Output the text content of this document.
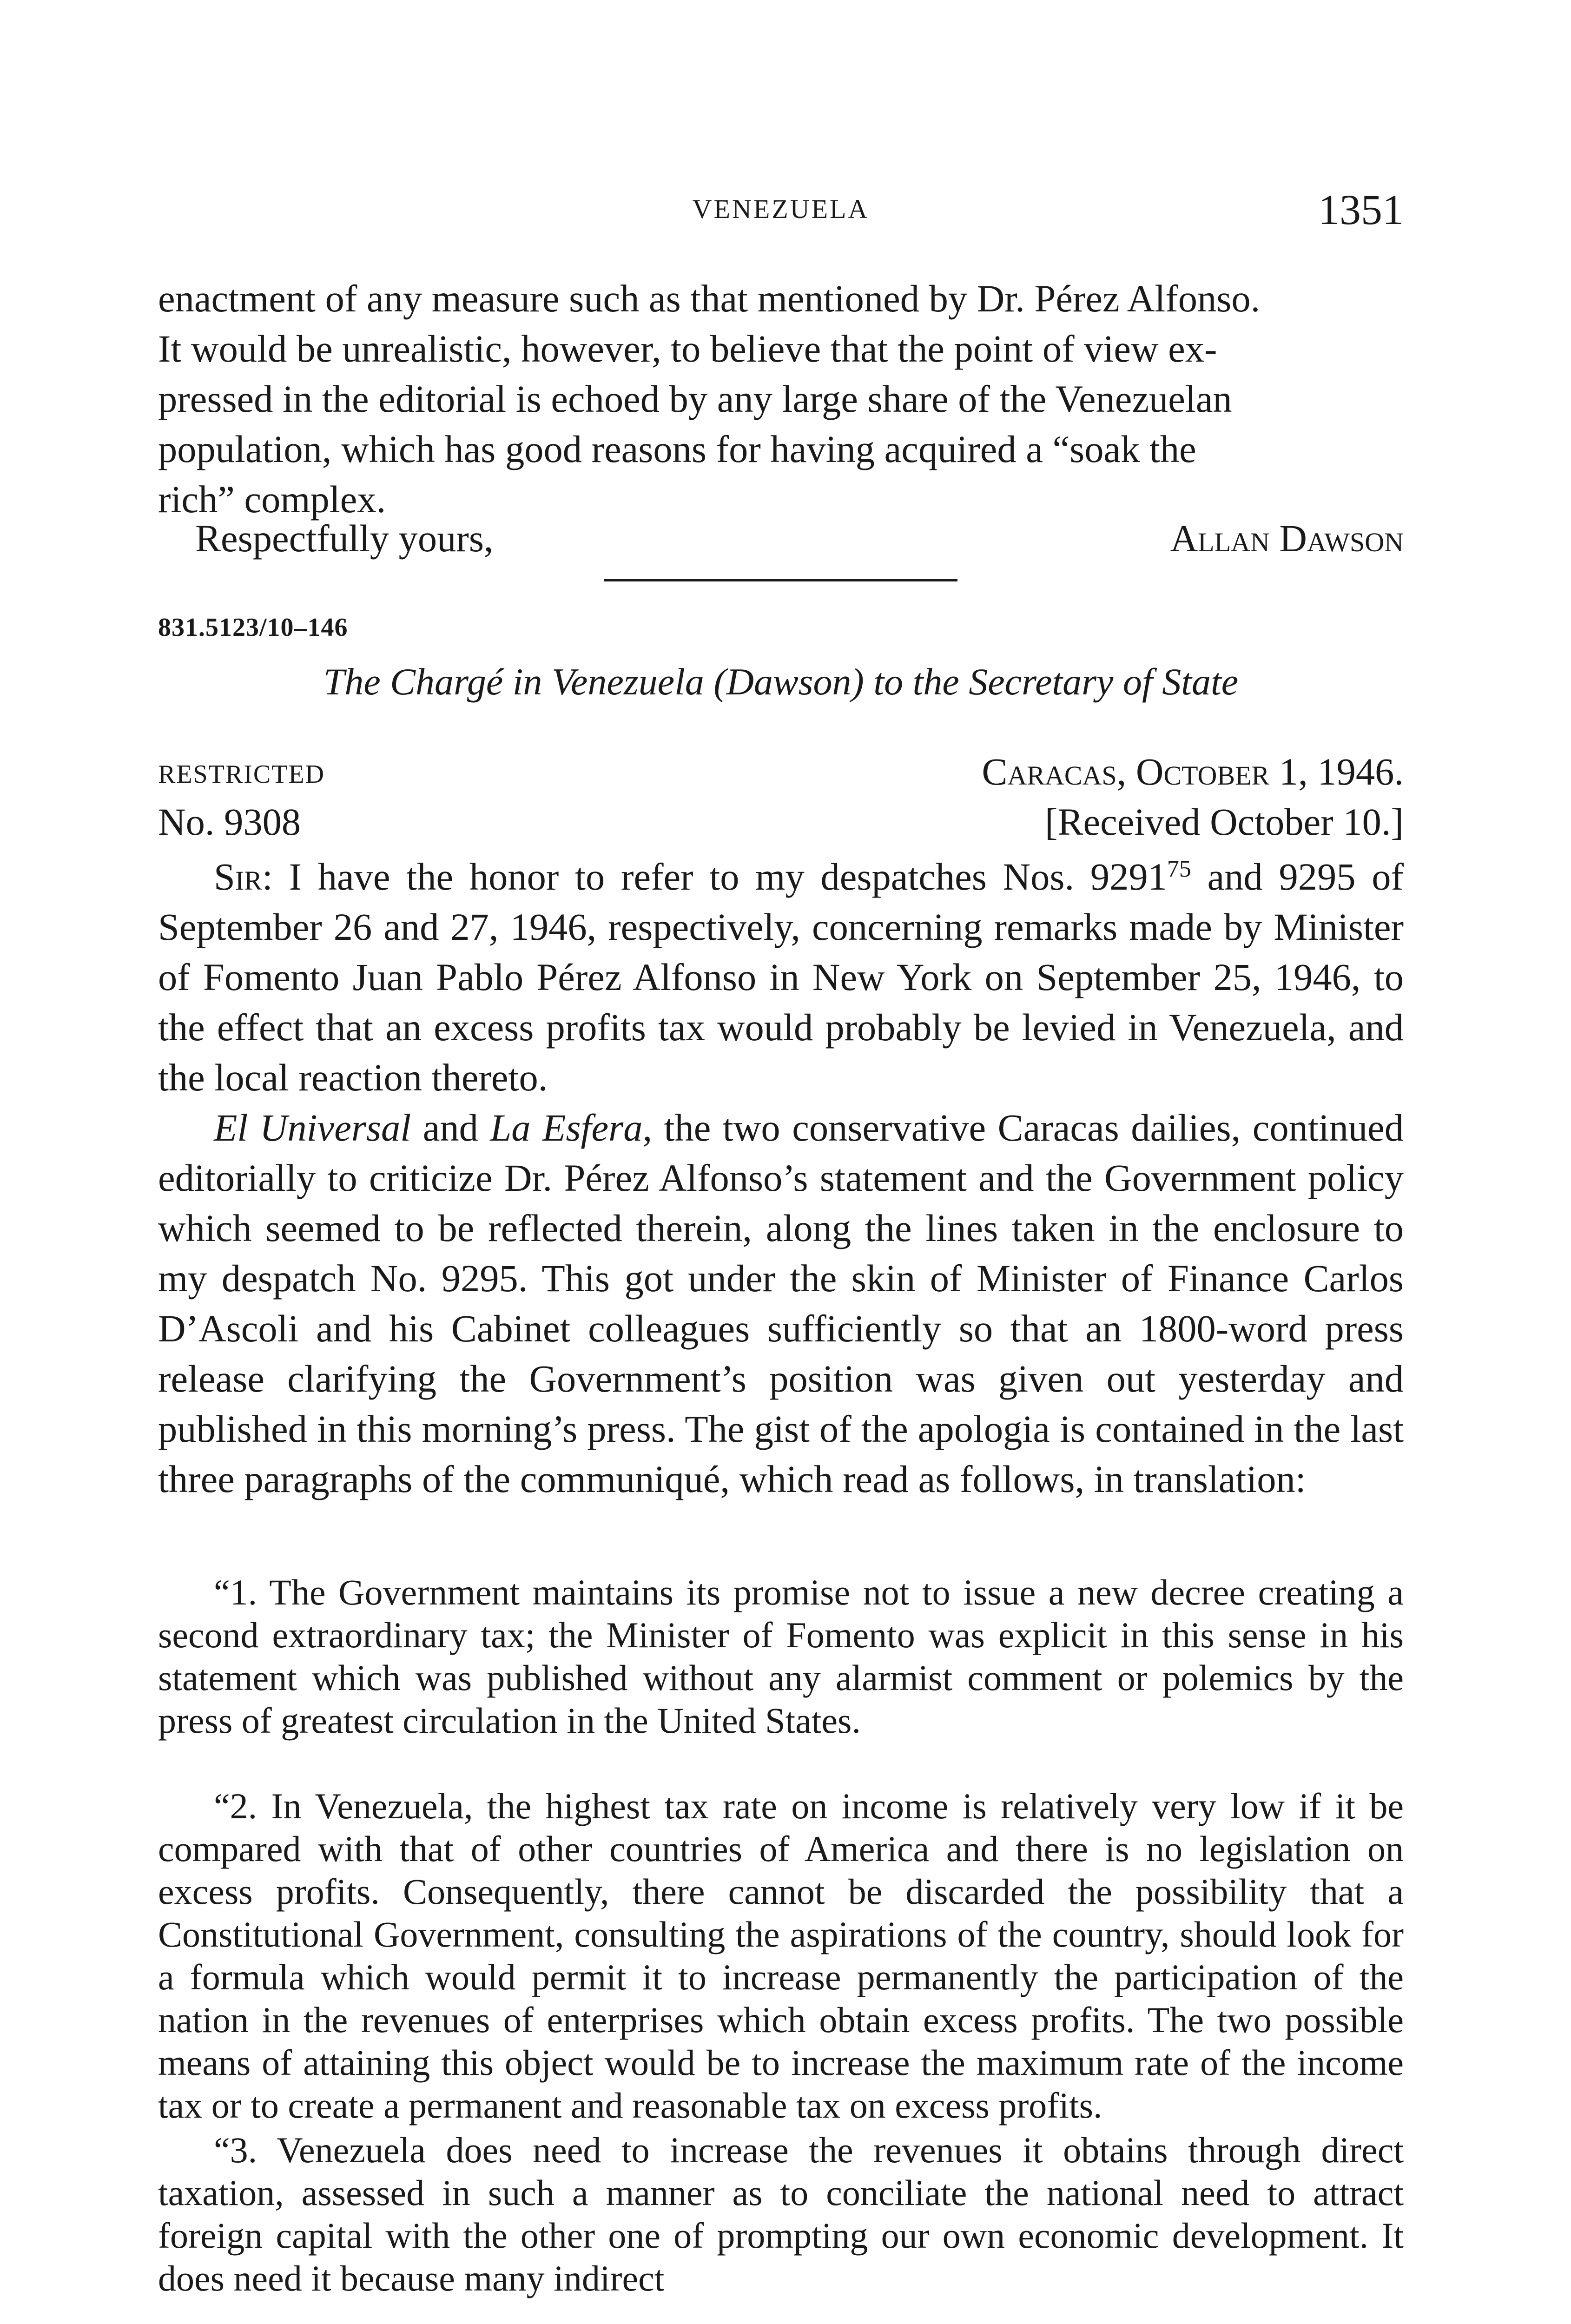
VENEZUELA	1351
enactment of any measure such as that mentioned by Dr. Pérez Alfonso.
It would be unrealistic, however, to believe that the point of view ex-
pressed in the editorial is echoed by any large share of the Venezuelan
population, which has good reasons for having acquired a “soak the
rich” complex.
Respectfully yours,	Allan Dawson
831.5123/10–146
The Chargé in Venezuela (Dawson) to the Secretary of State
RESTRICTED	Caracas, October 1, 1946.
No. 9308	[Received October 10.]
Sir: I have the honor to refer to my despatches Nos. 9291$^{75}$ and 9295 of September 26 and 27, 1946, respectively, concerning remarks made by Minister of Fomento Juan Pablo Pérez Alfonso in New York on September 25, 1946, to the effect that an excess profits tax would probably be levied in Venezuela, and the local reaction thereto.
El Universal and La Esfera, the two conservative Caracas dailies, continued editorially to criticize Dr. Pérez Alfonso’s statement and the Government policy which seemed to be reflected therein, along the lines taken in the enclosure to my despatch No. 9295. This got under the skin of Minister of Finance Carlos D’Ascoli and his Cabinet colleagues sufficiently so that an 1800-word press release clarifying the Government’s position was given out yesterday and published in this morning’s press. The gist of the apologia is contained in the last three paragraphs of the communiqué, which read as follows, in translation:
“1. The Government maintains its promise not to issue a new decree creating a second extraordinary tax; the Minister of Fomento was explicit in this sense in his statement which was published without any alarmist comment or polemics by the press of greatest circulation in the United States.
“2. In Venezuela, the highest tax rate on income is relatively very low if it be compared with that of other countries of America and there is no legislation on excess profits. Consequently, there cannot be discarded the possibility that a Constitutional Government, consulting the aspirations of the country, should look for a formula which would permit it to increase permanently the participation of the nation in the revenues of enterprises which obtain excess profits. The two possible means of attaining this object would be to increase the maximum rate of the income tax or to create a permanent and reasonable tax on excess profits.
“3. Venezuela does need to increase the revenues it obtains through direct taxation, assessed in such a manner as to conciliate the national need to attract foreign capital with the other one of prompting our own economic development. It does need it because many indirect
